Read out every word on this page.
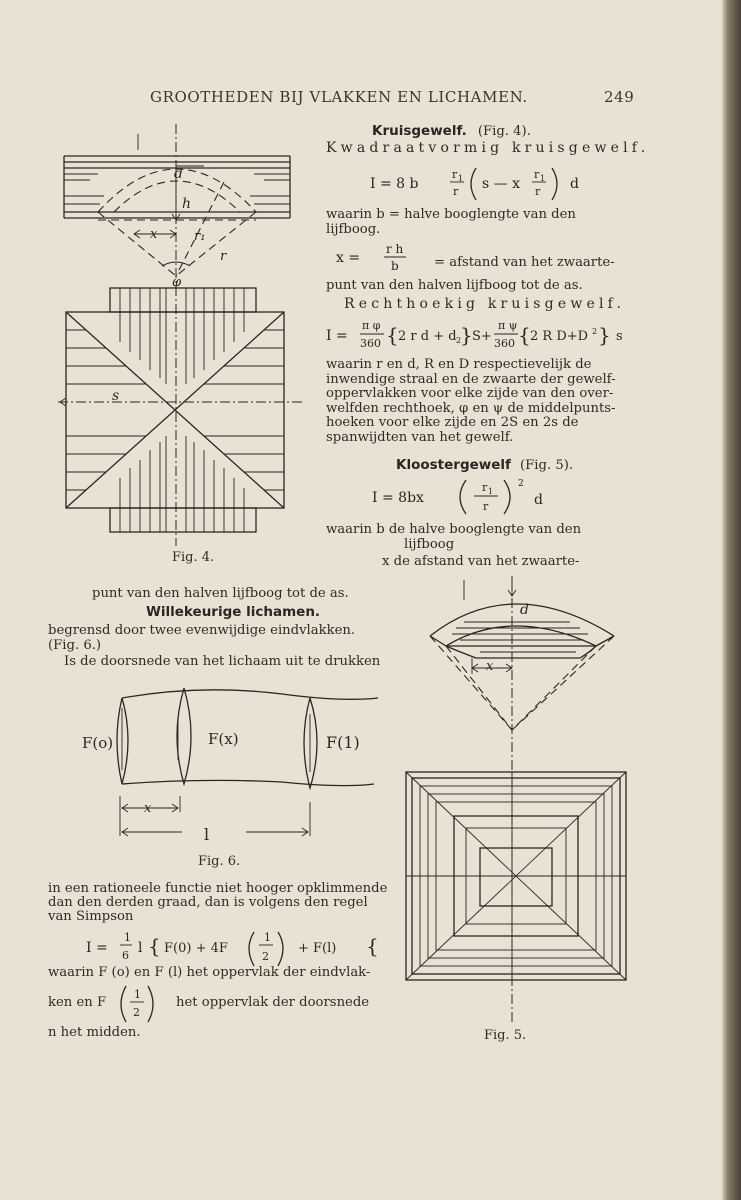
GROOTHEDEN BIJ VLAKKEN EN LICHAMEN.	249
Kruisgewelf. (Fig. 4).
Kwadraatvormig kruisgewelf.
I = 8 b
r 1
r s — x
r 1
r d
waarin b = halve booglengte van den
lijfboog.
x =
r h
b	= afstand van het zwaarte-
punt van den halven lijfboog tot de as.
Rechthoekig kruisgewelf.
I =
π φ
360 { 2 r d + d 2
} S+
π ψ
360 { 2 R D+D 2 } s
waarin r en d, R en D respectievelijk de
inwendige straal en de zwaarte der gewelf-
oppervlakken voor elke zijde van den over-
welfden rechthoek, φ en ψ de middelpunts-
hoeken voor elke zijde en 2S en 2s de
spanwijdten van het gewelf.
Kloostergewelf (Fig. 5).
I = 8bx
r 1
r
2
d
waarin b de halve booglengte van den
lijfboog
x de afstand van het zwaarte-
punt van den halven lijfboog tot de as.
Willekeurige lichamen.
begrensd door twee evenwijdige eindvlakken.
(Fig. 6.)
Is de doorsnede van het lichaam uit te drukken
in een rationeele functie niet hooger opklimmende
dan den derden graad, dan is volgens den regel
van Simpson
I =
1
6 l { F(0) + 4F
1
2
+ F(l) {
waarin F (o) en F (l) het oppervlak der eindvlak-
ken en F
1
2
het oppervlak der doorsnede
n het midden.
d
h
x	r₁
r
φ
s
Fig. 4.
d
x
Fig. 5.
F(o)	F(x)	F(1)
x
l
Fig. 6.
